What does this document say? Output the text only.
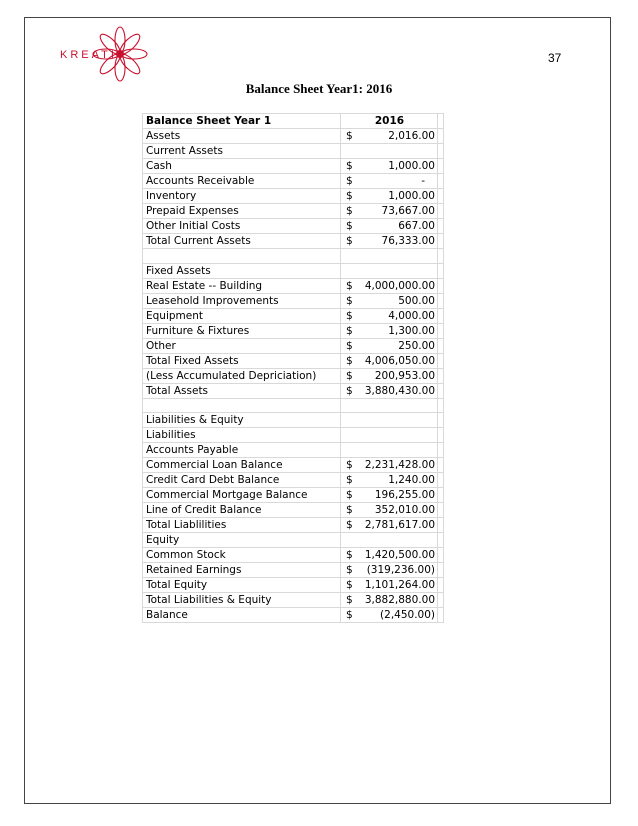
KREATIV	37
Balance Sheet Year1: 2016
Balance Sheet Year 1	2016	
Assets	$ 2,016.00	

Current Assets	

Cash	$ 1,000.00	

Accounts Receivable	$ -	

Inventory	$ 1,000.00	

Prepaid Expenses	$ 73,667.00	

Other Initial Costs	$ 667.00	

Total Current Assets	$ 76,333.00	

Fixed Assets	

Real Estate -- Building	$ 4,000,000.00	

Leasehold Improvements	$ 500.00	

Equipment	$ 4,000.00	

Furniture & Fixtures	$ 1,300.00	

Other	$ 250.00	

Total Fixed Assets	$ 4,006,050.00	

(Less Accumulated Depriciation)	$ 200,953.00	

Total Assets	$ 3,880,430.00	

Liabilities & Equity	

Liabilities	

Accounts Payable	

Commercial Loan Balance	$ 2,231,428.00	

Credit Card Debt Balance	$ 1,240.00	

Commercial Mortgage Balance	$ 196,255.00	

Line of Credit Balance	$ 352,010.00	

Total Liablilities	$ 2,781,617.00	

Equity	

Common Stock	$ 1,420,500.00	

Retained Earnings	$ (319,236.00)	

Total Equity	$ 1,101,264.00	

Total Liabilities & Equity	$ 3,882,880.00	

Balance	$ (2,450.00)	
